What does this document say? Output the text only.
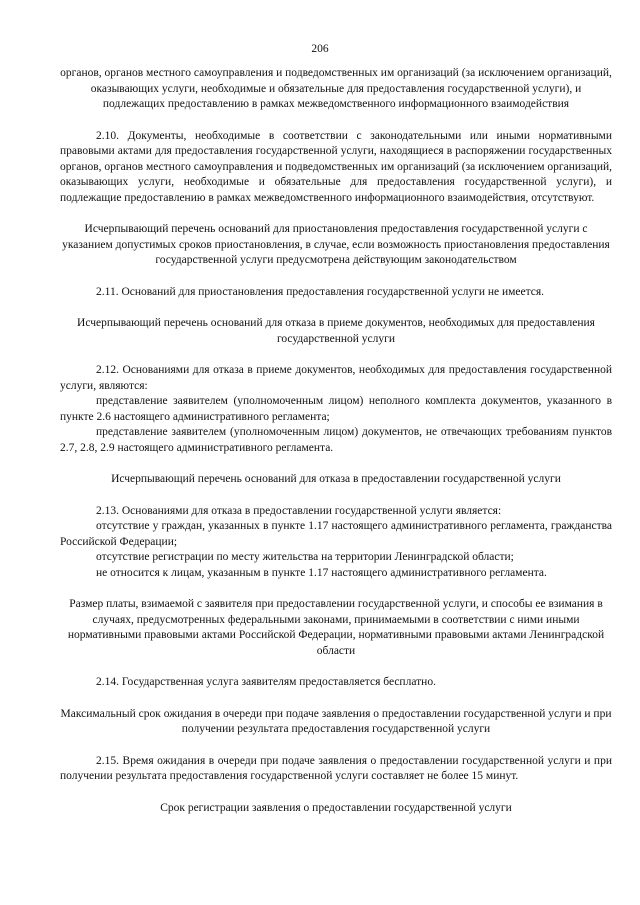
206

органов, органов местного самоуправления и подведомственных им организаций (за исключением организаций, оказывающих услуги, необходимые и обязательные для предоставления государственной услуги), и подлежащих предоставлению в рамках межведомственного информационного взаимодействия

2.10. Документы, необходимые в соответствии с законодательными или иными нормативными правовыми актами для предоставления государственной услуги, находящиеся в распоряжении государственных органов, органов местного самоуправления и подведомственных им организаций (за исключением организаций, оказывающих услуги, необходимые и обязательные для предоставления государственной услуги), и подлежащие предоставлению в рамках межведомственного информационного взаимодействия, отсутствуют.

Исчерпывающий перечень оснований для приостановления предоставления государственной услуги с указанием допустимых сроков приостановления, в случае, если возможность приостановления предоставления государственной услуги предусмотрена действующим законодательством

2.11. Оснований для приостановления предоставления государственной услуги не имеется.

Исчерпывающий перечень оснований для отказа в приеме документов, необходимых для предоставления государственной услуги

2.12. Основаниями для отказа в приеме документов, необходимых для предоставления государственной услуги, являются:

представление заявителем (уполномоченным лицом) неполного комплекта документов, указанного в пункте 2.6 настоящего административного регламента;

представление заявителем (уполномоченным лицом) документов, не отвечающих требованиям пунктов 2.7, 2.8, 2.9 настоящего административного регламента.

Исчерпывающий перечень оснований для отказа в предоставлении государственной услуги

2.13. Основаниями для отказа в предоставлении государственной услуги является:

отсутствие у граждан, указанных в пункте 1.17 настоящего административного регламента, гражданства Российской Федерации;

отсутствие регистрации по месту жительства на территории Ленинградской области;

не относится к лицам, указанным в пункте 1.17 настоящего административного регламента.

Размер платы, взимаемой с заявителя при предоставлении государственной услуги, и способы ее взимания в случаях, предусмотренных федеральными законами, принимаемыми в соответствии с ними иными нормативными правовыми актами Российской Федерации, нормативными правовыми актами Ленинградской области

2.14. Государственная услуга заявителям предоставляется бесплатно.

Максимальный срок ожидания в очереди при подаче заявления о предоставлении государственной услуги и при получении результата предоставления государственной услуги

2.15. Время ожидания в очереди при подаче заявления о предоставлении государственной услуги и при получении результата предоставления государственной услуги составляет не более 15 минут.

Срок регистрации заявления о предоставлении государственной услуги
